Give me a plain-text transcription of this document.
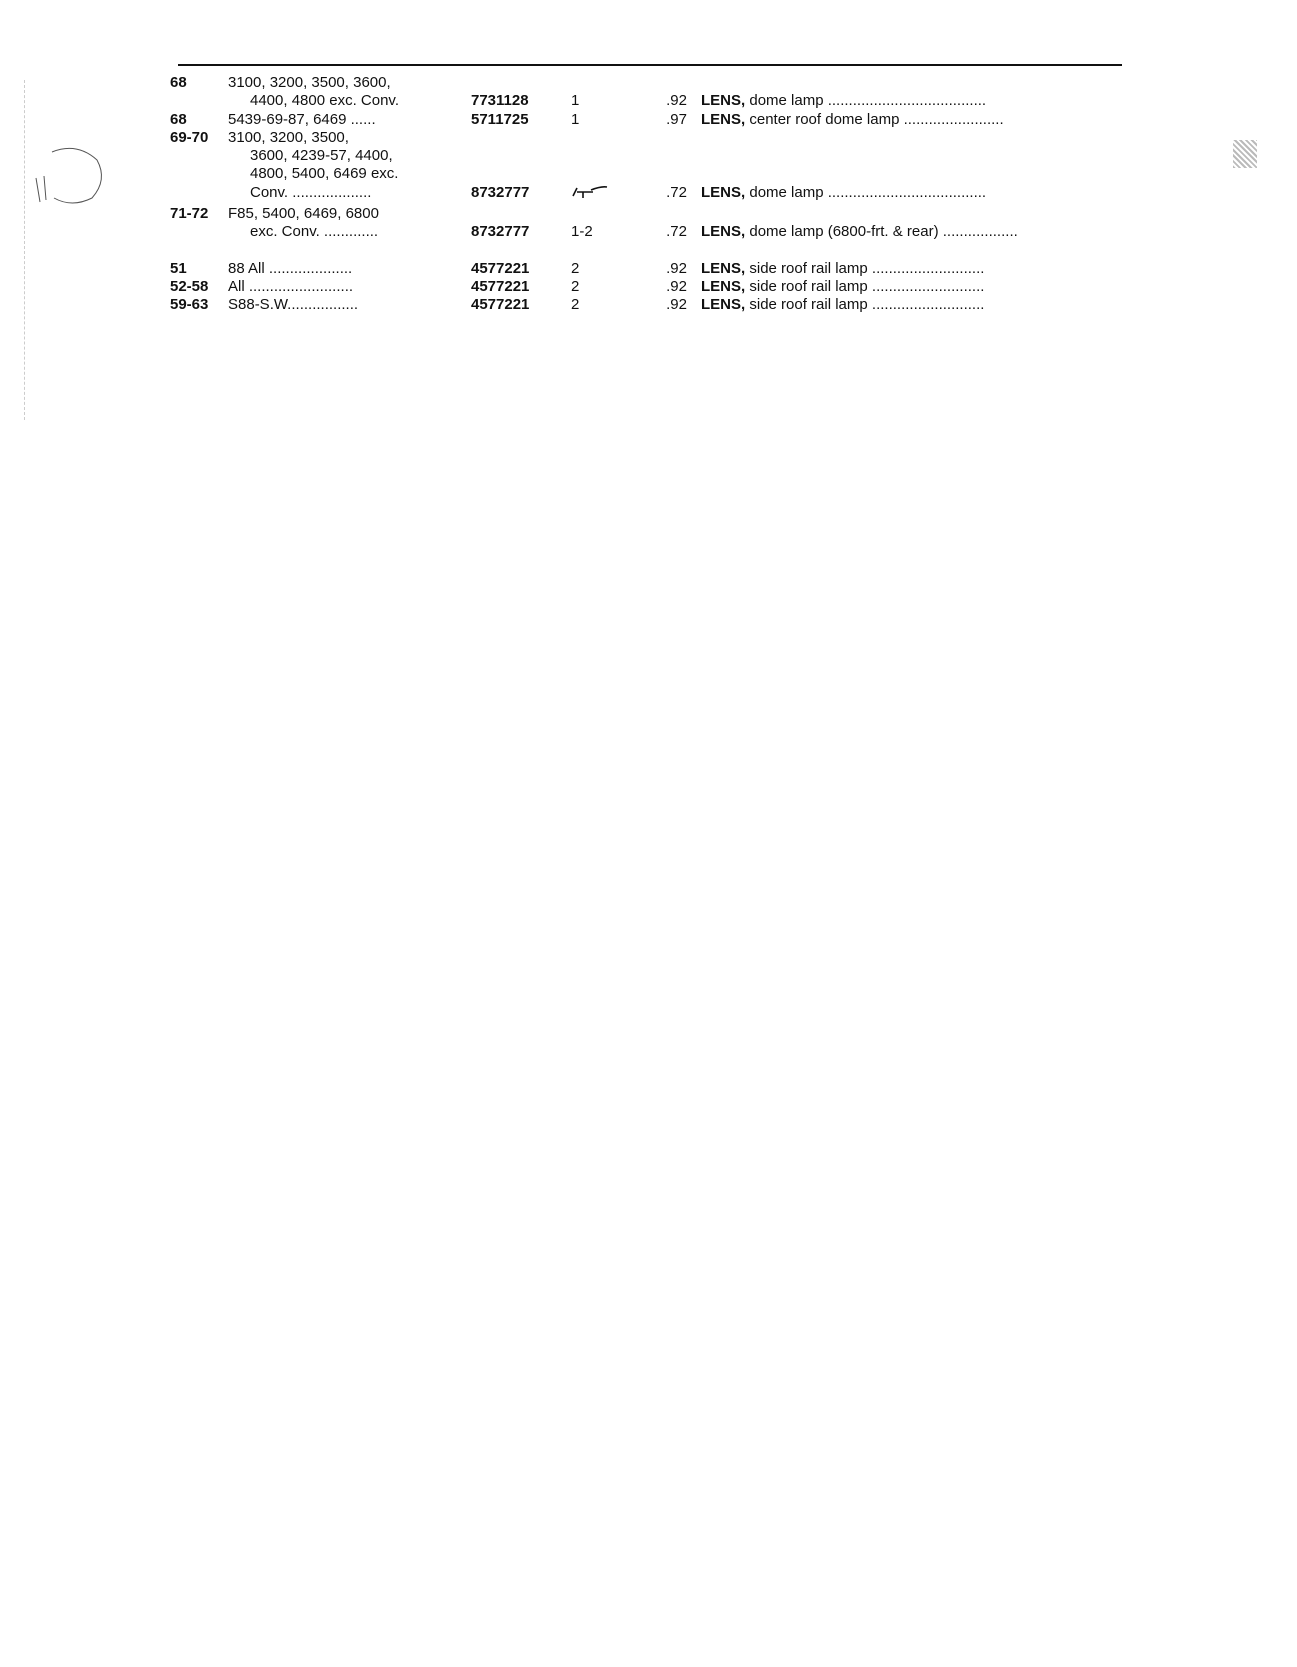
68	3100, 3200, 3500, 3600,				
	4400, 4800 exc. Conv.	7731128	1	.92	LENS, dome lamp ......................................
68	5439-69-87, 6469 ......	5711725	1	.97	LENS, center roof dome lamp ........................
69-70	3100, 3200, 3500,				
	3600, 4239-57, 4400,				
	4800, 5400, 6469 exc.				
	Conv. ...................	8732777		.72	LENS, dome lamp ......................................
71-72	F85, 5400, 6469, 6800				
	exc. Conv. .............	8732777	1-2	.72	LENS, dome lamp (6800-frt. & rear) ..................

51	88 All ....................	4577221	2	.92	LENS, side roof rail lamp ...........................
52-58	All .........................	4577221	2	.92	LENS, side roof rail lamp ...........................
59-63	S88-S.W.................	4577221	2	.92	LENS, side roof rail lamp ...........................
